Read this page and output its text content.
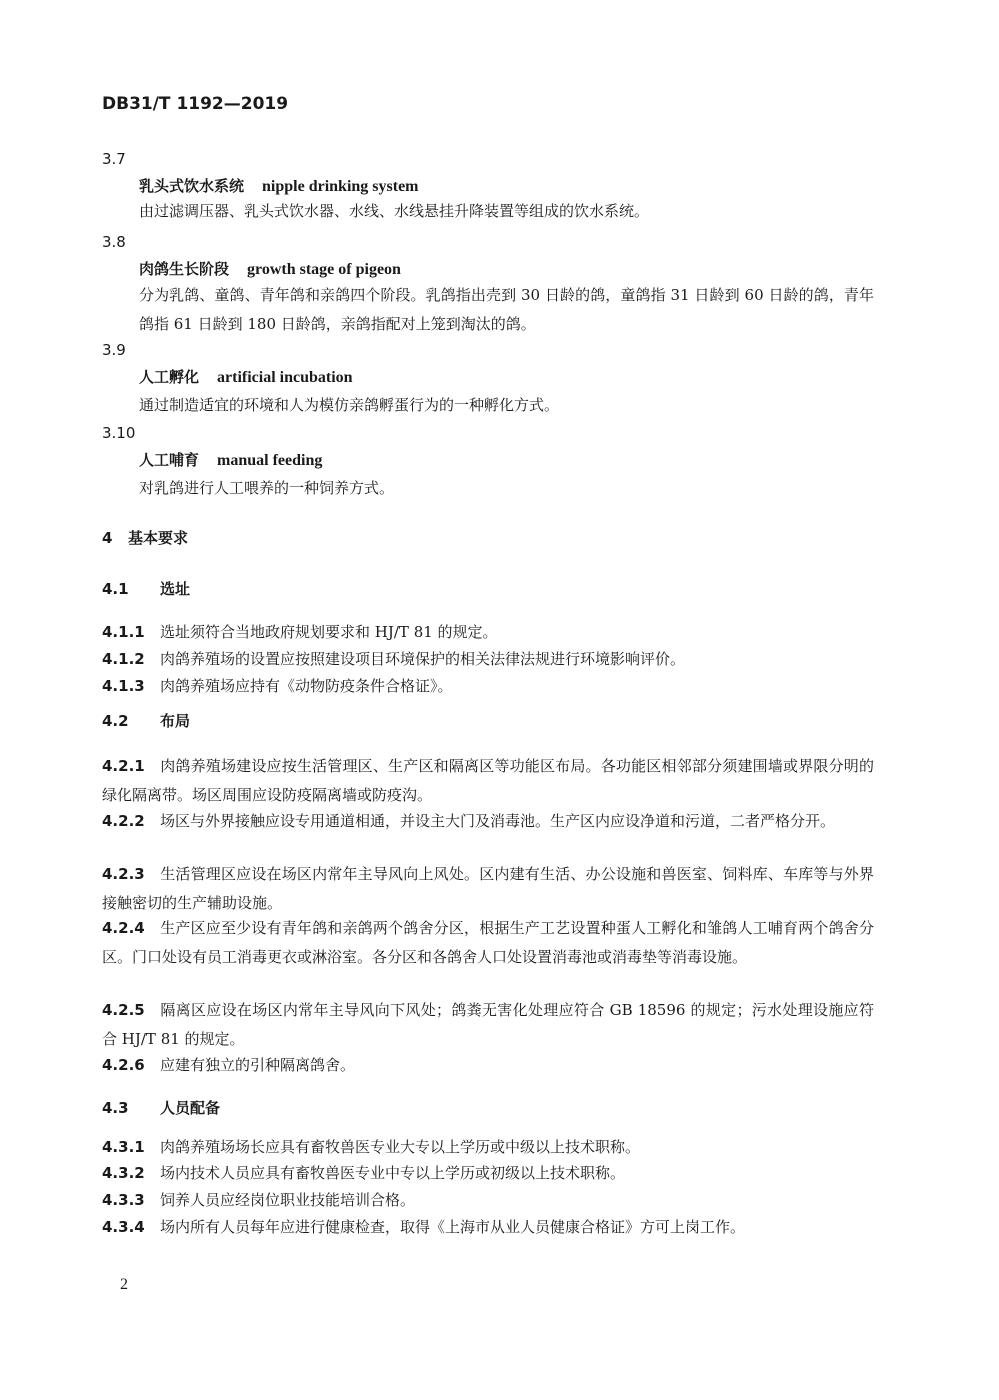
DB31/T 1192—2019
3.7
乳头式饮水系统 nipple drinking system
由过滤调压器、乳头式饮水器、水线、水线悬挂升降装置等组成的饮水系统。
3.8
肉鸽生长阶段 growth stage of pigeon
分为乳鸽、童鸽、青年鸽和亲鸽四个阶段。乳鸽指出壳到 30 日龄的鸽，童鸽指 31 日龄到 60 日龄的鸽，青年鸽指 61 日龄到 180 日龄鸽，亲鸽指配对上笼到淘汰的鸽。
3.9
人工孵化 artificial incubation
通过制造适宜的环境和人为模仿亲鸽孵蛋行为的一种孵化方式。
3.10
人工哺育 manual feeding
对乳鸽进行人工喂养的一种饲养方式。
4 基本要求
4.1 选址
4.1.1 选址须符合当地政府规划要求和 HJ/T 81 的规定。
4.1.2 肉鸽养殖场的设置应按照建设项目环境保护的相关法律法规进行环境影响评价。
4.1.3 肉鸽养殖场应持有《动物防疫条件合格证》。
4.2 布局
4.2.1 肉鸽养殖场建设应按生活管理区、生产区和隔离区等功能区布局。各功能区相邻部分须建围墙或界限分明的绿化隔离带。场区周围应设防疫隔离墙或防疫沟。
4.2.2 场区与外界接触应设专用通道相通，并设主大门及消毒池。生产区内应设净道和污道，二者严格分开。
4.2.3 生活管理区应设在场区内常年主导风向上风处。区内建有生活、办公设施和兽医室、饲料库、车库等与外界接触密切的生产辅助设施。
4.2.4 生产区应至少设有青年鸽和亲鸽两个鸽舍分区，根据生产工艺设置种蛋人工孵化和雏鸽人工哺育两个鸽舍分区。门口处设有员工消毒更衣或淋浴室。各分区和各鸽舍人口处设置消毒池或消毒垫等消毒设施。
4.2.5 隔离区应设在场区内常年主导风向下风处；鸽粪无害化处理应符合 GB 18596 的规定；污水处理设施应符合 HJ/T 81 的规定。
4.2.6 应建有独立的引种隔离鸽舍。
4.3 人员配备
4.3.1 肉鸽养殖场场长应具有畜牧兽医专业大专以上学历或中级以上技术职称。
4.3.2 场内技术人员应具有畜牧兽医专业中专以上学历或初级以上技术职称。
4.3.3 饲养人员应经岗位职业技能培训合格。
4.3.4 场内所有人员每年应进行健康检查，取得《上海市从业人员健康合格证》方可上岗工作。
2
